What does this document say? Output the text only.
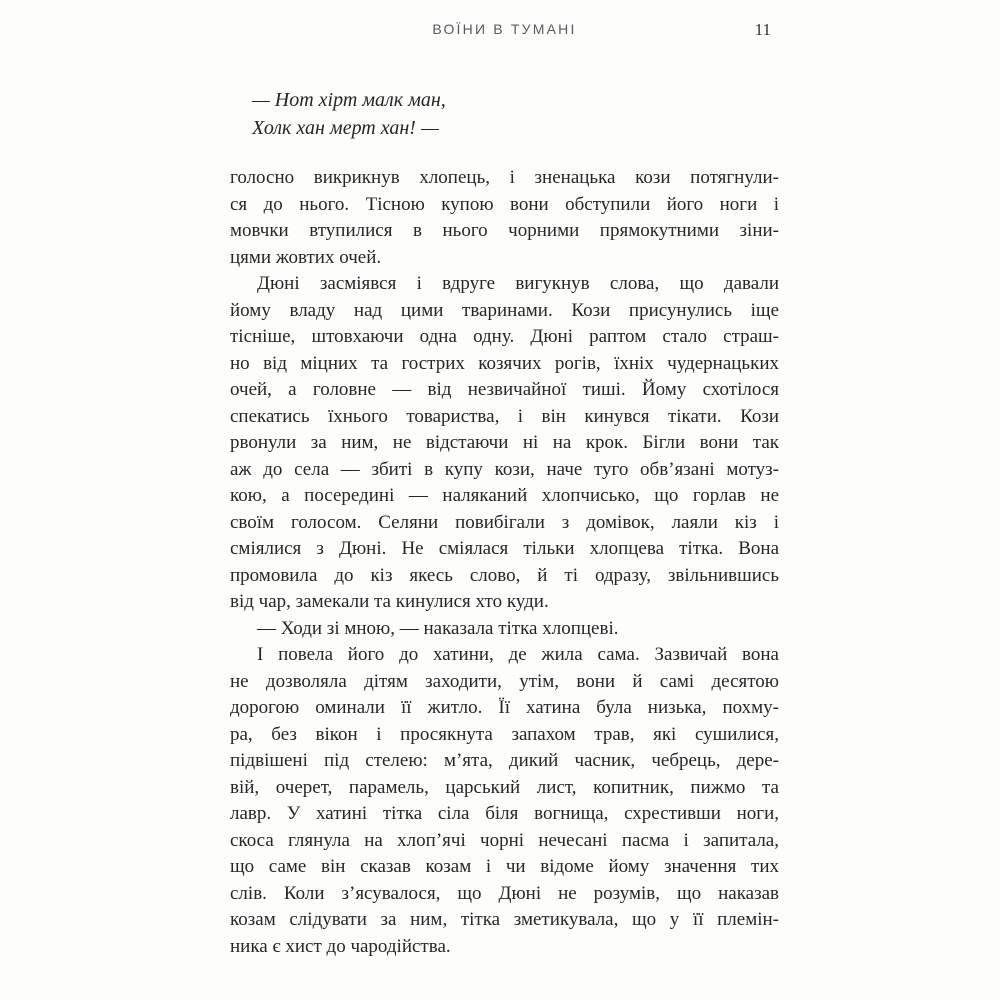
ВОЇНИ В ТУМАНІ	11
— Нот хірт малк ман,
Холк хан мерт хан! —
голосно викрикнув хлопець, і зненацька кози потягнули-
ся до нього. Тісною купою вони обступили його ноги і
мовчки втупилися в нього чорними прямокутними зіни-
цями жовтих очей.
Дюні засміявся і вдруге вигукнув слова, що давали
йому владу над цими тваринами. Кози присунулись іще
тісніше, штовхаючи одна одну. Дюні раптом стало страш-
но від міцних та гострих козячих рогів, їхніх чудернацьких
очей, а головне — від незвичайної тиші. Йому схотілося
спекатись їхнього товариства, і він кинувся тікати. Кози
рвонули за ним, не відстаючи ні на крок. Бігли вони так
аж до села — збиті в купу кози, наче туго обв’язані мотуз-
кою, а посередині — наляканий хлопчисько, що горлав не
своїм голосом. Селяни повибігали з домівок, лаяли кіз і
сміялися з Дюні. Не сміялася тільки хлопцева тітка. Вона
промовила до кіз якесь слово, й ті одразу, звільнившись
від чар, замекали та кинулися хто куди.
— Ходи зі мною, — наказала тітка хлопцеві.
І повела його до хатини, де жила сама. Зазвичай вона
не дозволяла дітям заходити, утім, вони й самі десятою
дорогою оминали її житло. Її хатина була низька, похму-
ра, без вікон і просякнута запахом трав, які сушилися,
підвішені під стелею: м’ята, дикий часник, чебрець, дере-
вій, очерет, парамель, царський лист, копитник, пижмо та
лавр. У хатині тітка сіла біля вогнища, схрестивши ноги,
скоса глянула на хлоп’ячі чорні нечесані пасма і запитала,
що саме він сказав козам і чи відоме йому значення тих
слів. Коли з’ясувалося, що Дюні не розумів, що наказав
козам слідувати за ним, тітка зметикувала, що у її племін-
ника є хист до чародійства.
